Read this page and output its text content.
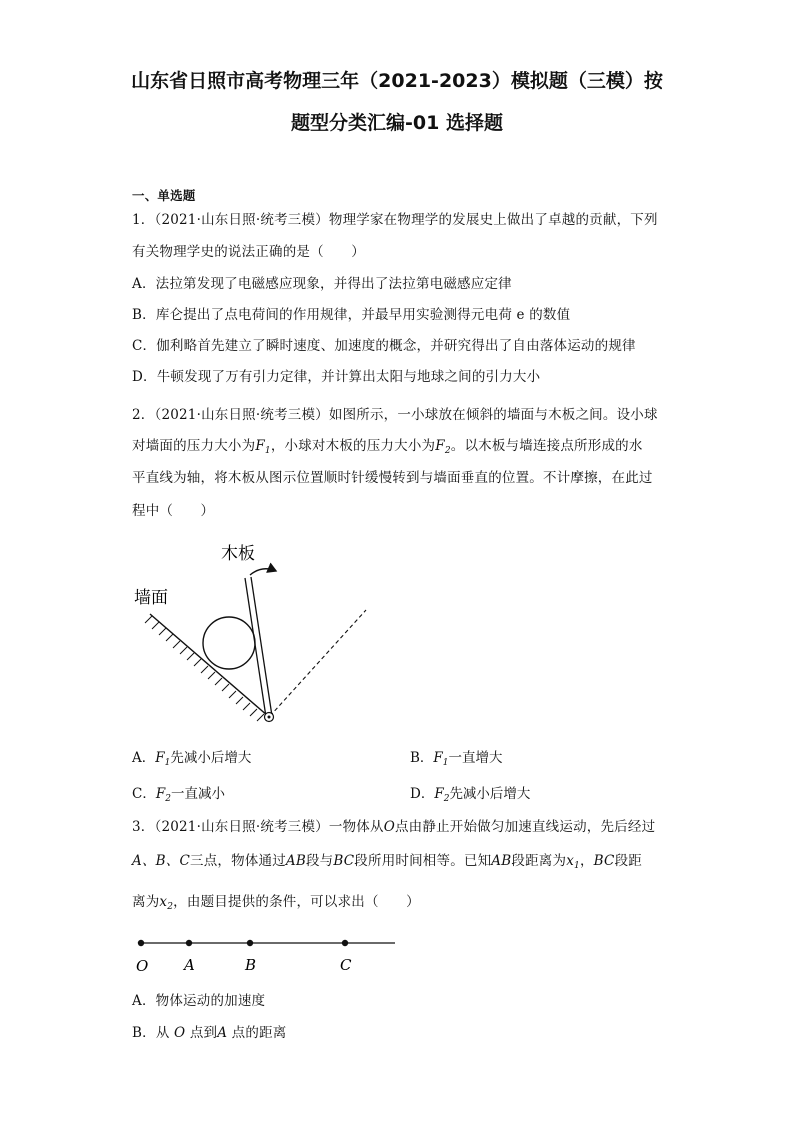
山东省日照市高考物理三年（2021-2023）模拟题（三模）按
题型分类汇编-01 选择题
一、单选题
1．（2021·山东日照·统考三模）物理学家在物理学的发展史上做出了卓越的贡献，下列
有关物理学史的说法正确的是（　　）
A．法拉第发现了电磁感应现象，并得出了法拉第电磁感应定律
B．库仑提出了点电荷间的作用规律，并最早用实验测得元电荷 e 的数值
C．伽利略首先建立了瞬时速度、加速度的概念，并研究得出了自由落体运动的规律
D．牛顿发现了万有引力定律，并计算出太阳与地球之间的引力大小
2．（2021·山东日照·统考三模）如图所示，一小球放在倾斜的墙面与木板之间。设小球
对墙面的压力大小为$F_1$，小球对木板的压力大小为$F_2$。以木板与墙连接点所形成的水
平直线为轴，将木板从图示位置顺时针缓慢转到与墙面垂直的位置。不计摩擦，在此过
程中（　　）
木板
墙面
A．$F_1$先减小后增大	B．$F_1$一直增大
C．$F_2$一直减小	D．$F_2$先减小后增大
3．（2021·山东日照·统考三模）一物体从O点由静止开始做匀加速直线运动，先后经过
A、B、C三点，物体通过AB段与BC段所用时间相等。已知AB段距离为$x_1$，BC段距
离为$x_2$，由题目提供的条件，可以求出（　　）
O A	B	C
A．物体运动的加速度
B．从 O 点到A 点的距离
